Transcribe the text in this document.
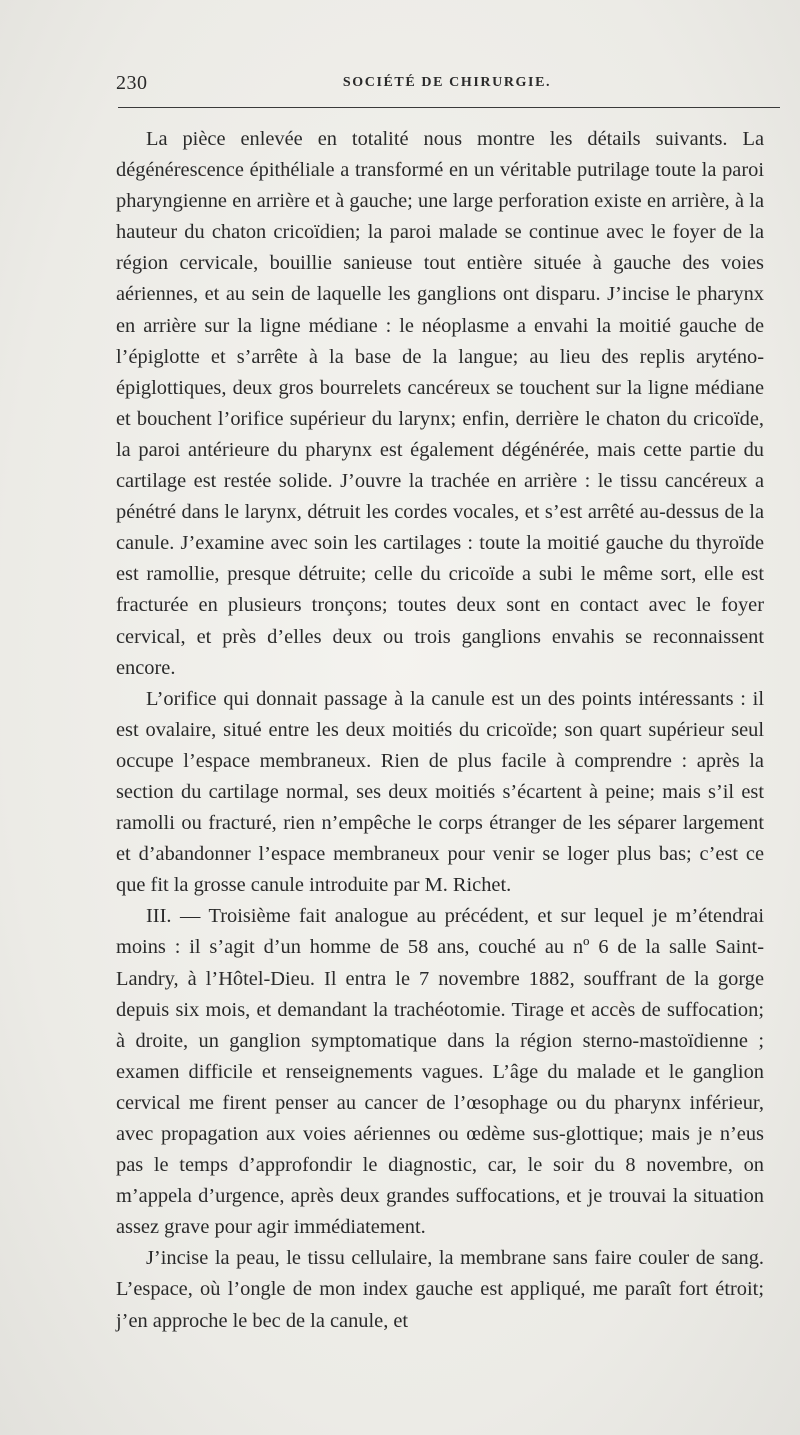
230	SOCIÉTÉ DE CHIRURGIE.

La pièce enlevée en totalité nous montre les détails suivants. La dégénérescence épithéliale a transformé en un véritable putrilage toute la paroi pharyngienne en arrière et à gauche; une large perforation existe en arrière, à la hauteur du chaton cricoïdien; la paroi malade se continue avec le foyer de la région cervicale, bouillie sanieuse tout entière située à gauche des voies aériennes, et au sein de laquelle les ganglions ont disparu. J’incise le pharynx en arrière sur la ligne médiane : le néoplasme a envahi la moitié gauche de l’épiglotte et s’arrête à la base de la langue; au lieu des replis aryténo-épiglottiques, deux gros bourrelets cancéreux se touchent sur la ligne médiane et bouchent l’orifice supérieur du larynx; enfin, derrière le chaton du cricoïde, la paroi antérieure du pharynx est également dégénérée, mais cette partie du cartilage est restée solide. J’ouvre la trachée en arrière : le tissu cancéreux a pénétré dans le larynx, détruit les cordes vocales, et s’est arrêté au-dessus de la canule. J’examine avec soin les cartilages : toute la moitié gauche du thyroïde est ramollie, presque détruite; celle du cricoïde a subi le même sort, elle est fracturée en plusieurs tronçons; toutes deux sont en contact avec le foyer cervical, et près d’elles deux ou trois ganglions envahis se reconnaissent encore.

L’orifice qui donnait passage à la canule est un des points intéressants : il est ovalaire, situé entre les deux moitiés du cricoïde; son quart supérieur seul occupe l’espace membraneux. Rien de plus facile à comprendre : après la section du cartilage normal, ses deux moitiés s’écartent à peine; mais s’il est ramolli ou fracturé, rien n’empêche le corps étranger de les séparer largement et d’abandonner l’espace membraneux pour venir se loger plus bas; c’est ce que fit la grosse canule introduite par M. Richet.

III. — Troisième fait analogue au précédent, et sur lequel je m’étendrai moins : il s’agit d’un homme de 58 ans, couché au nº 6 de la salle Saint-Landry, à l’Hôtel-Dieu. Il entra le 7 novembre 1882, souffrant de la gorge depuis six mois, et demandant la trachéotomie. Tirage et accès de suffocation; à droite, un ganglion symptomatique dans la région sterno-mastoïdienne ; examen difficile et renseignements vagues. L’âge du malade et le ganglion cervical me firent penser au cancer de l’œsophage ou du pharynx inférieur, avec propagation aux voies aériennes ou œdème sus-glottique; mais je n’eus pas le temps d’approfondir le diagnostic, car, le soir du 8 novembre, on m’appela d’urgence, après deux grandes suffocations, et je trouvai la situation assez grave pour agir immédiatement.

J’incise la peau, le tissu cellulaire, la membrane sans faire couler de sang. L’espace, où l’ongle de mon index gauche est appliqué, me paraît fort étroit; j’en approche le bec de la canule, et
